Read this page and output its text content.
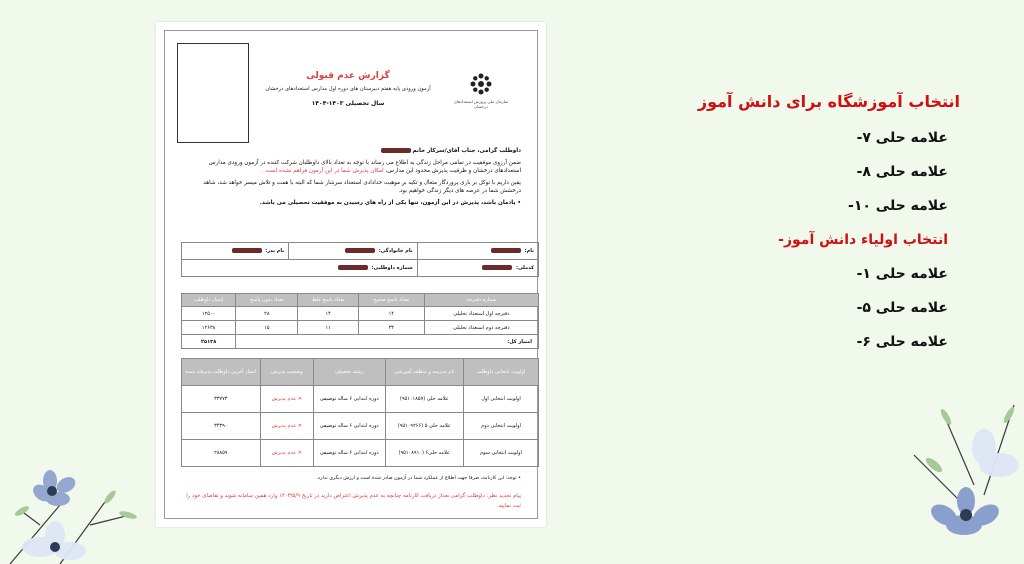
سازمان ملی پرورش استعدادهای درخشان
گزارش عدم قبولی
آزمون ورودی پایه هفتم دبیرستان های دوره اول مدارس استعدادهای درخشان
سال تحصیلی ۱۴۰۳-۱۴۰۴
داوطلب گرامی، جناب آقای/سرکار خانم
ضمن آرزوی موفقیت در تمامی مراحل زندگی به اطلاع می رساند با توجه به تعداد بالای داوطلبان شرکت کننده در آزمون ورودی مدارس استعدادهای درخشان و ظرفیت پذیرش محدود این مدارس، امکان پذیرش شما در این آزمون فراهم نشده است .
یقین داریم با توکل بر باری پروردگار متعال و تکیه بر موهبت خدادادی استعداد سرشار شما که البته با همت و تلاش میسر خواهد شد، شاهد درخشش شما در عرصه های دیگر زندگی خواهیم بود.
• یادمان باشد، پذیرش در این آزمون، تنها یکی از راه های رسیدن به موفقیت تحصیلی می باشد.
نام:	نام خانوادگی:	نام پدر:
کدملی:	شماره داوطلبی:	
شماره دفترچه	تعداد پاسخ صحیح	تعداد پاسخ غلط	تعداد بدون پاسخ	امتیاز داوطلب
دفترچه اول استعداد تحلیلی	۱۴	۱۴	۲۸	۱۲۵۰۰
دفترچه دوم استعداد تحلیلی	۳۴	۱۱	۱۵	۱۲۶۳۸
امتیاز کل:				۲۵۱۳۸
اولویت انتخابی داوطلب	نام مدرسه و منطقه آموزشی	رشته تحصیلی	وضعیت پذیرش	امتیاز آخرین داوطلب پذیرفته شده
اولویت انتخابی اول	علامه حلی (۹۵۱۰۱۸۵۷)	دوره ابتدایی ۶ ساله توصیفی	✕ عدم پذیرش	۳۳۷۷۳
اولویت انتخابی دوم	علامه حلی ۵ (۹۵۱۰۹۲۶۶)	دوره ابتدایی ۶ ساله توصیفی	✕ عدم پذیرش	۳۴۳۹۰
اولویت انتخابی سوم	علامه حلی۶ (۹۵۱۰۸۹۱۰)	دوره ابتدایی ۶ ساله توصیفی	✕ عدم پذیرش	۲۸۸۵۹
• توجه: این کارنامه، صرفا جهت اطلاع از عملکرد شما در آزمون صادر شده است و ارزش دیگری ندارد.
پیام تجدید نظر: داوطلب گرامی بعداز دریافت کارنامه چنانچه به عدم پذیرش اعتراض دارید در تاریخ ۱۴۰۳/۵/۹ وارد همین سامانه شوید و تقاضای خود را ثبت نمایید.
انتخاب آموزشگاه برای دانش آموز
علامه حلی ۷-
علامه حلی ۸-
علامه حلی ۱۰-
انتخاب اولیاء دانش آموز-
علامه حلی ۱-
علامه حلی ۵-
علامه حلی ۶-
